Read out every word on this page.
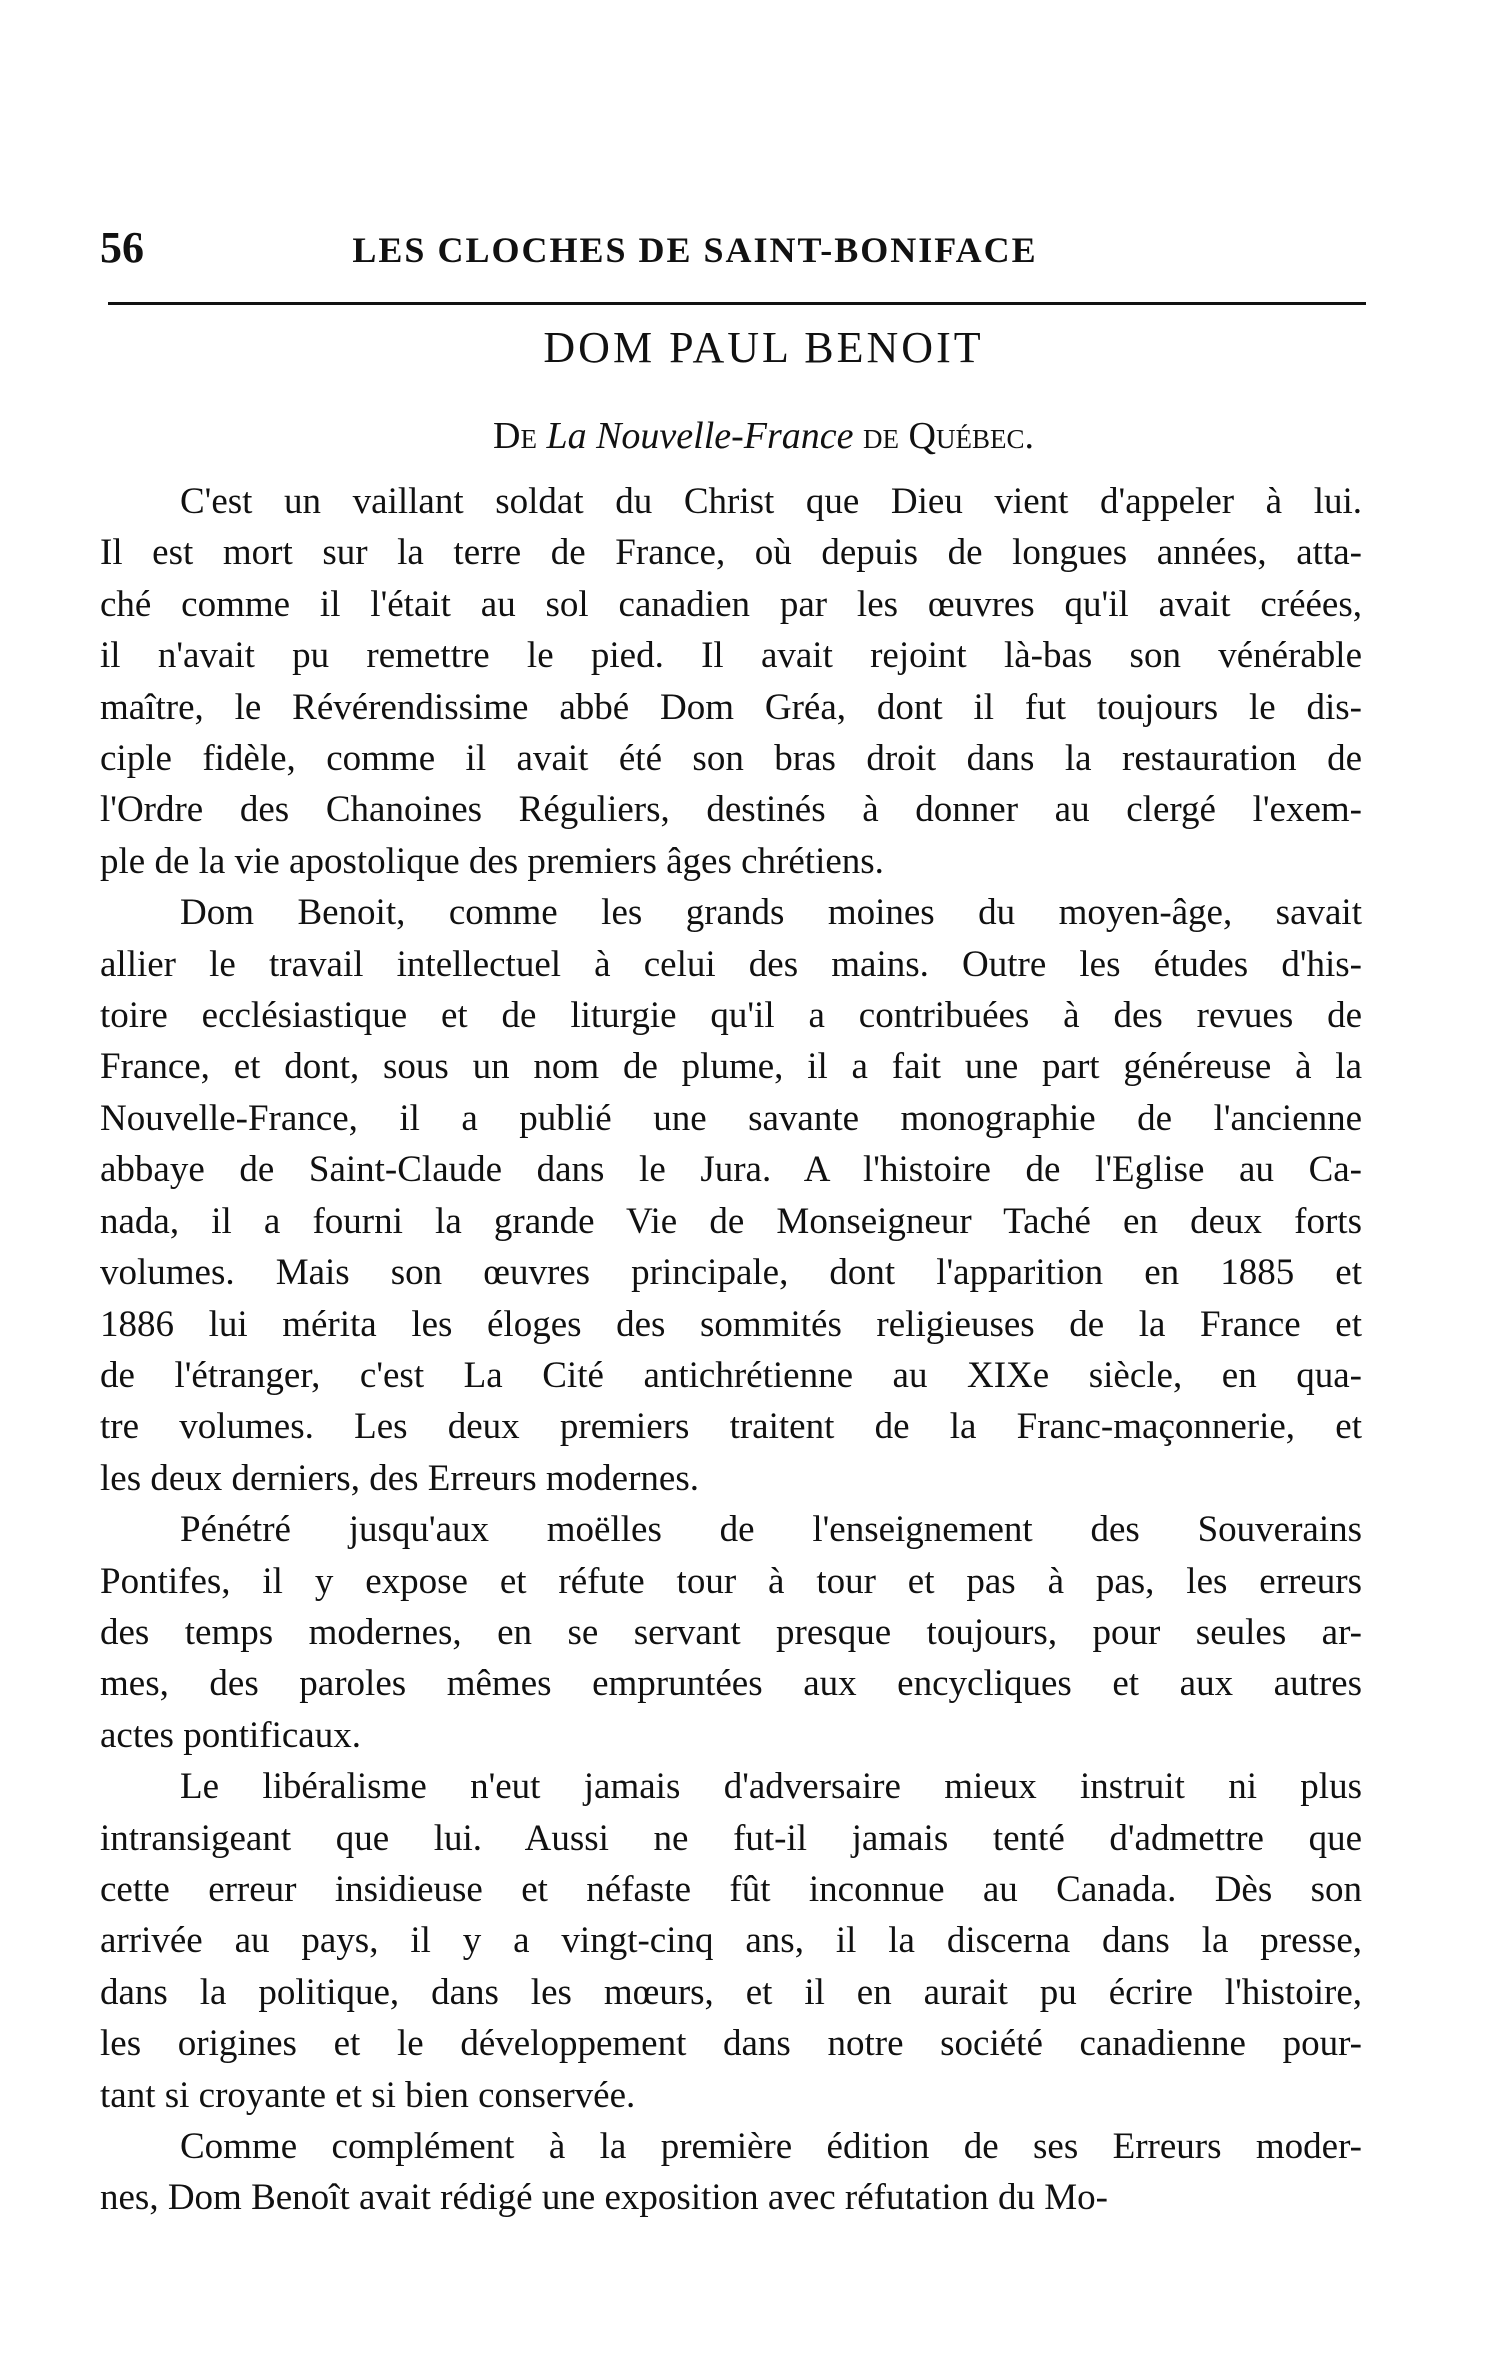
56	LES CLOCHES DE SAINT-BONIFACE
DOM PAUL BENOIT
De La Nouvelle-France de Québec.
C'est un vaillant soldat du Christ que Dieu vient d'appeler à lui.
Il est mort sur la terre de France, où depuis de longues années, atta-
ché comme il l'était au sol canadien par les œuvres qu'il avait créées,
il n'avait pu remettre le pied. Il avait rejoint là-bas son vénérable
maître, le Révérendissime abbé Dom Gréa, dont il fut toujours le dis-
ciple fidèle, comme il avait été son bras droit dans la restauration de
l'Ordre des Chanoines Réguliers, destinés à donner au clergé l'exem-
ple de la vie apostolique des premiers âges chrétiens.
Dom Benoit, comme les grands moines du moyen-âge, savait
allier le travail intellectuel à celui des mains. Outre les études d'his-
toire ecclésiastique et de liturgie qu'il a contribuées à des revues de
France, et dont, sous un nom de plume, il a fait une part généreuse à la
Nouvelle-France, il a publié une savante monographie de l'ancienne
abbaye de Saint-Claude dans le Jura. A l'histoire de l'Eglise au Ca-
nada, il a fourni la grande Vie de Monseigneur Taché en deux forts
volumes. Mais son œuvres principale, dont l'apparition en 1885 et
1886 lui mérita les éloges des sommités religieuses de la France et
de l'étranger, c'est La Cité antichrétienne au XIXe siècle, en qua-
tre volumes. Les deux premiers traitent de la Franc-maçonnerie, et
les deux derniers, des Erreurs modernes.
Pénétré jusqu'aux moëlles de l'enseignement des Souverains
Pontifes, il y expose et réfute tour à tour et pas à pas, les erreurs
des temps modernes, en se servant presque toujours, pour seules ar-
mes, des paroles mêmes empruntées aux encycliques et aux autres
actes pontificaux.
Le libéralisme n'eut jamais d'adversaire mieux instruit ni plus
intransigeant que lui. Aussi ne fut-il jamais tenté d'admettre que
cette erreur insidieuse et néfaste fût inconnue au Canada. Dès son
arrivée au pays, il y a vingt-cinq ans, il la discerna dans la presse,
dans la politique, dans les mœurs, et il en aurait pu écrire l'histoire,
les origines et le développement dans notre société canadienne pour-
tant si croyante et si bien conservée.
Comme complément à la première édition de ses Erreurs moder-
nes, Dom Benoît avait rédigé une exposition avec réfutation du Mo-
